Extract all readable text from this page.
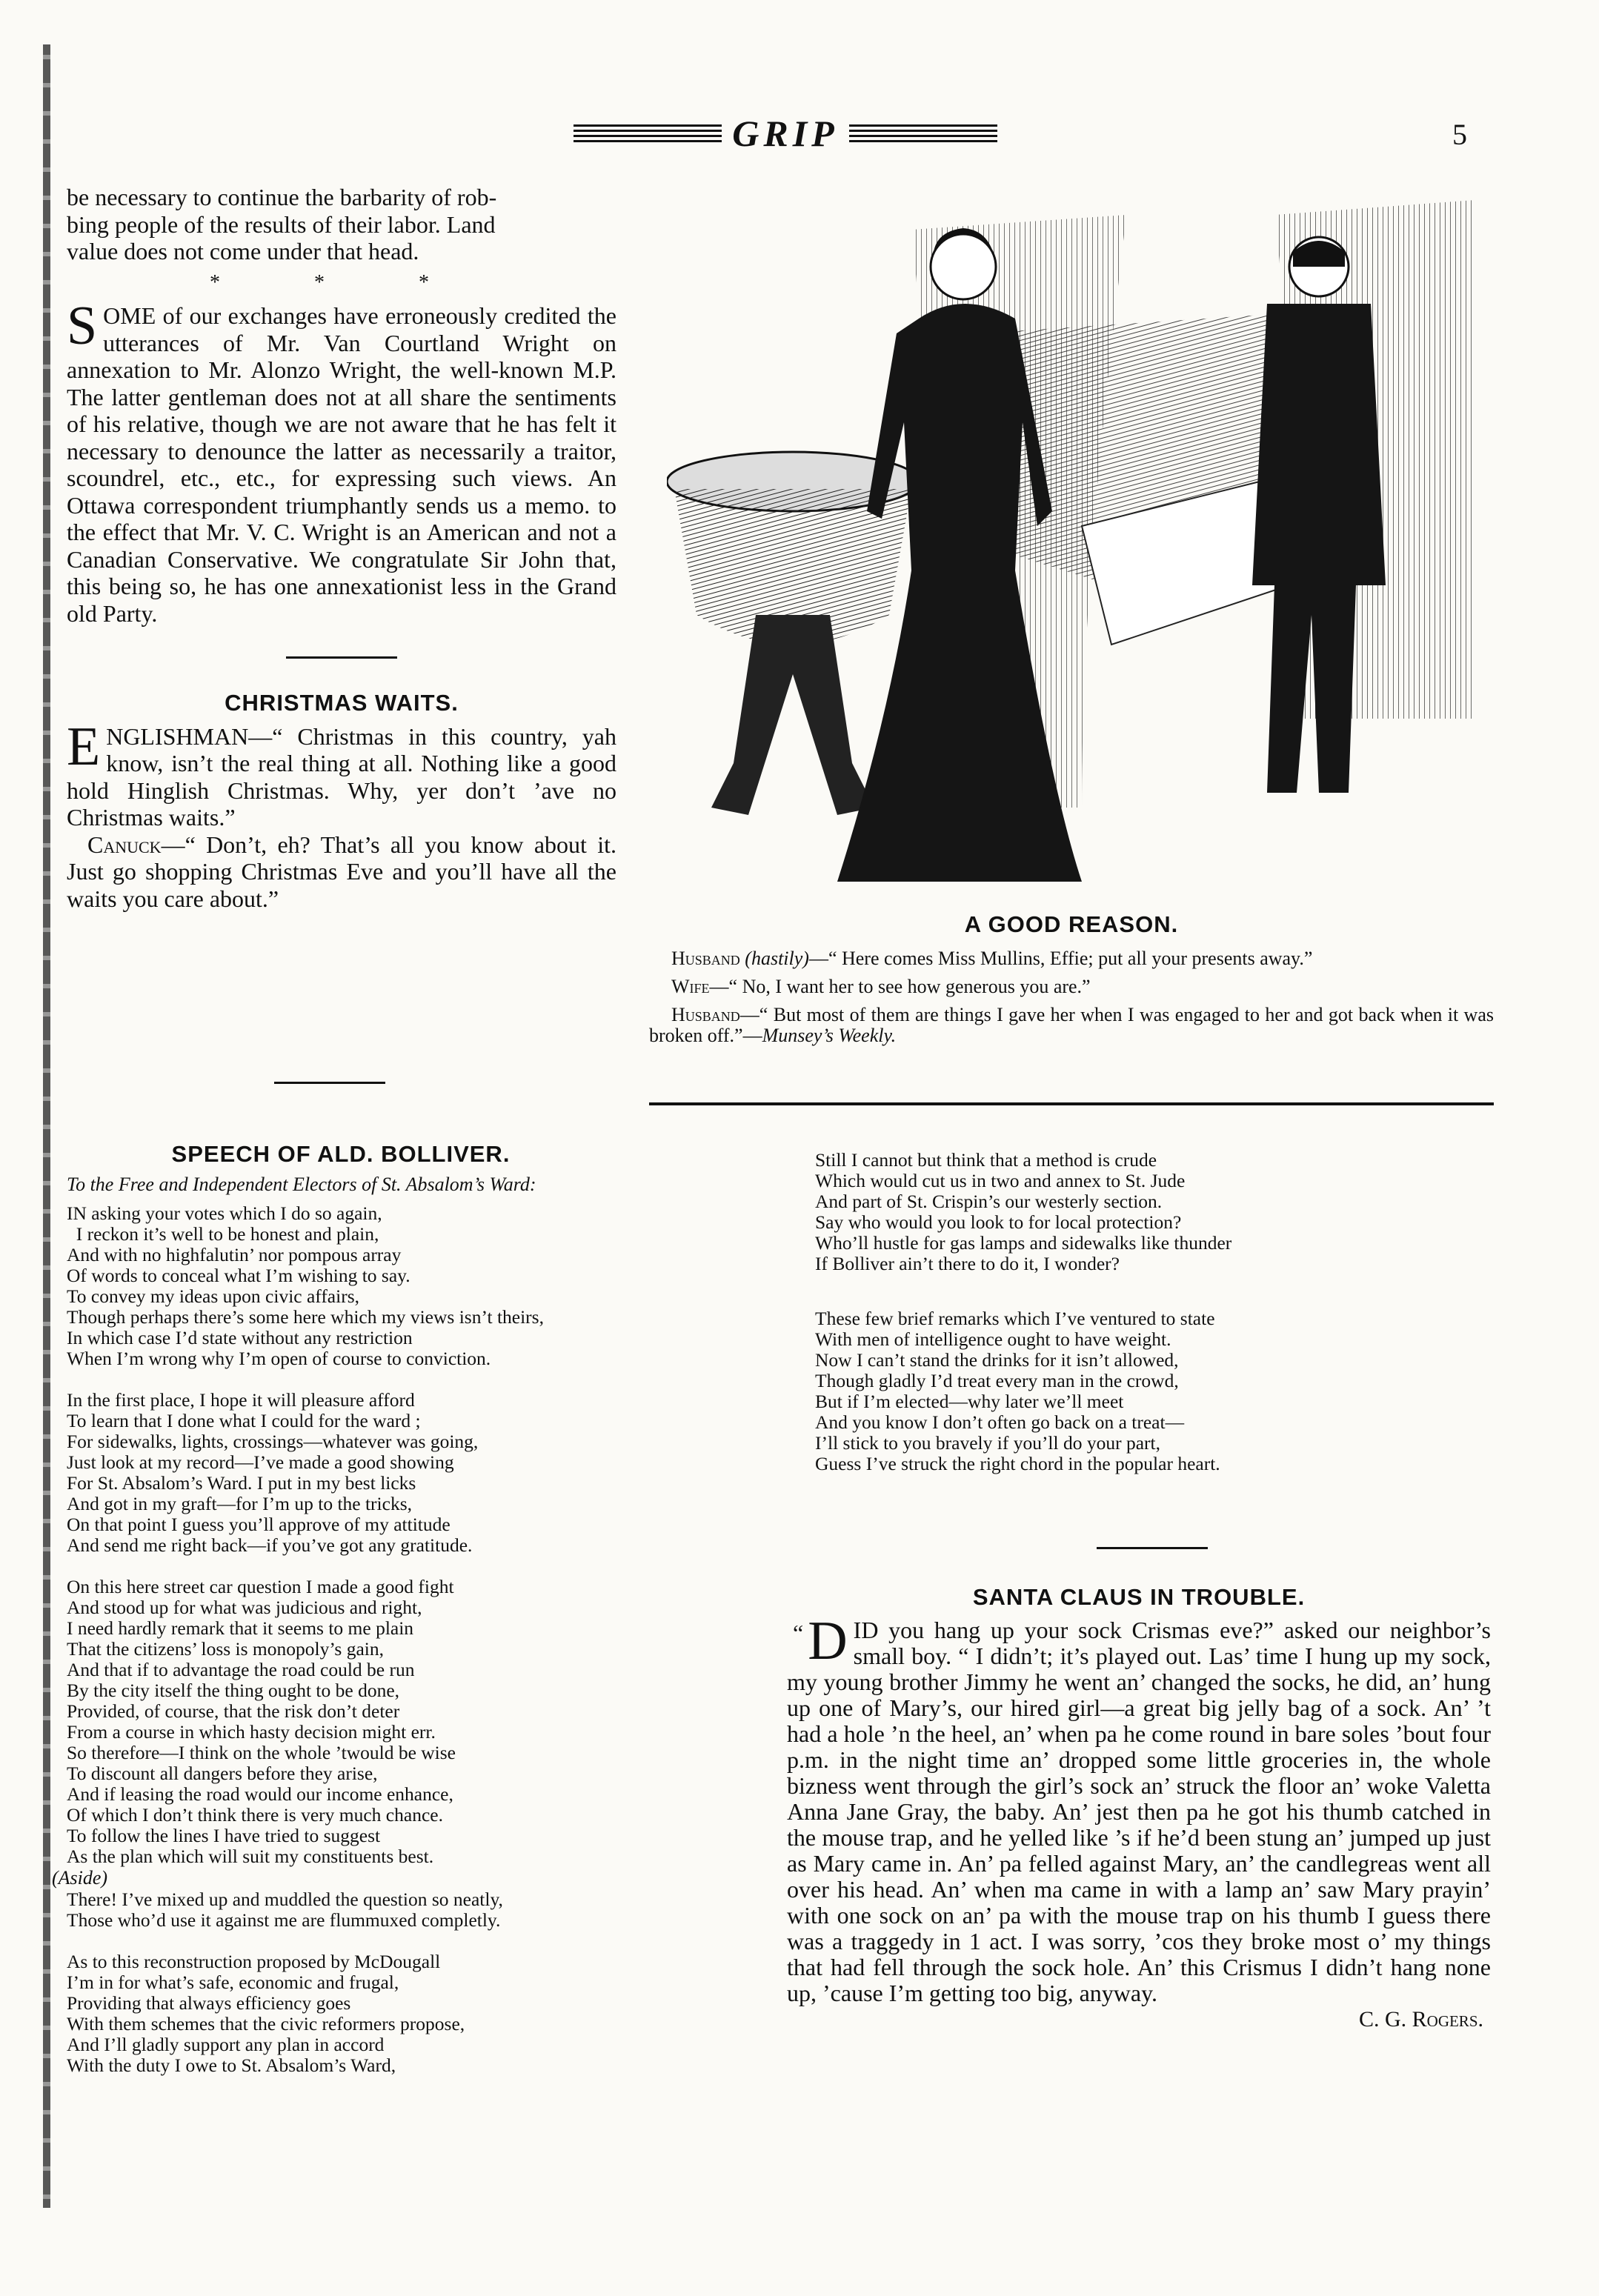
GRIP	5
be necessary to continue the barbarity of rob-
bing people of the results of their labor. Land
value does not come under that head.
* * *

SOME of our exchanges have erroneously credited the utterances of Mr. Van Courtland Wright on annexation to Mr. Alonzo Wright, the well-known M.P. The latter gentleman does not at all share the sentiments of his relative, though we are not aware that he has felt it necessary to denounce the latter as necessarily a traitor, scoundrel, etc., etc., for expressing such views. An Ottawa correspondent triumphantly sends us a memo. to the effect that Mr. V. C. Wright is an American and not a Canadian Conservative. We congratulate Sir John that, this being so, he has one annexationist less in the Grand old Party.

CHRISTMAS WAITS.

ENGLISHMAN—“ Christmas in this country, yah know, isn’t the real thing at all. Nothing like a good hold Hinglish Christmas. Why, yer don’t ’ave no Christmas waits.”

Canuck—“ Don’t, eh? That’s all you know about it. Just go shopping Christmas Eve and you’ll have all the waits you care about.”

A GOOD REASON.

Husband (hastily)—“ Here comes Miss Mullins, Effie; put all your presents away.”

Wife—“ No, I want her to see how generous you are.”

Husband—“ But most of them are things I gave her when I was engaged to her and got back when it was broken off.”—Munsey’s Weekly.

SPEECH OF ALD. BOLLIVER.
To the Free and Independent Electors of St. Absalom’s Ward:
IN asking your votes which I do so again,
I reckon it’s well to be honest and plain,
And with no highfalutin’ nor pompous array
Of words to conceal what I’m wishing to say.
To convey my ideas upon civic affairs,
Though perhaps there’s some here which my views isn’t theirs,
In which case I’d state without any restriction
When I’m wrong why I’m open of course to conviction.
In the first place, I hope it will pleasure afford
To learn that I done what I could for the ward ;
For sidewalks, lights, crossings—whatever was going,
Just look at my record—I’ve made a good showing
For St. Absalom’s Ward. I put in my best licks
And got in my graft—for I’m up to the tricks,
On that point I guess you’ll approve of my attitude
And send me right back—if you’ve got any gratitude.
On this here street car question I made a good fight
And stood up for what was judicious and right,
I need hardly remark that it seems to me plain
That the citizens’ loss is monopoly’s gain,
And that if to advantage the road could be run
By the city itself the thing ought to be done,
Provided, of course, that the risk don’t deter
From a course in which hasty decision might err.
So therefore—I think on the whole ’twould be wise
To discount all dangers before they arise,
And if leasing the road would our income enhance,
Of which I don’t think there is very much chance.
To follow the lines I have tried to suggest
As the plan which will suit my constituents best.
(Aside)
There! I’ve mixed up and muddled the question so neatly,
Those who’d use it against me are flummuxed completly.
As to this reconstruction proposed by McDougall
I’m in for what’s safe, economic and frugal,
Providing that always efficiency goes
With them schemes that the civic reformers propose,
And I’ll gladly support any plan in accord
With the duty I owe to St. Absalom’s Ward,
Still I cannot but think that a method is crude
Which would cut us in two and annex to St. Jude
And part of St. Crispin’s our westerly section.
Say who would you look to for local protection?
Who’ll hustle for gas lamps and sidewalks like thunder
If Bolliver ain’t there to do it, I wonder?
These few brief remarks which I’ve ventured to state
With men of intelligence ought to have weight.
Now I can’t stand the drinks for it isn’t allowed,
Though gladly I’d treat every man in the crowd,
But if I’m elected—why later we’ll meet
And you know I don’t often go back on a treat—
I’ll stick to you bravely if you’ll do your part,
Guess I’ve struck the right chord in the popular heart.
SANTA CLAUS IN TROUBLE.

“ D ID you hang up your sock Crismas eve?” asked our neighbor’s small boy. “ I didn’t; it’s played out. Las’ time I hung up my sock, my young brother Jimmy he went an’ changed the socks, he did, an’ hung up one of Mary’s, our hired girl—a great big jelly bag of a sock. An’ ’t had a hole ’n the heel, an’ when pa he come round in bare soles ’bout four p.m. in the night time an’ dropped some little groceries in, the whole bizness went through the girl’s sock an’ struck the floor an’ woke Valetta Anna Jane Gray, the baby. An’ jest then pa he got his thumb catched in the mouse trap, and he yelled like ’s if he’d been stung an’ jumped up just as Mary came in. An’ pa felled against Mary, an’ the candlegreas went all over his head. An’ when ma came in with a lamp an’ saw Mary prayin’ with one sock on an’ pa with the mouse trap on his thumb I guess there was a traggedy in 1 act. I was sorry, ’cos they broke most o’ my things that had fell through the sock hole. An’ this Crismus I didn’t hang none up, ’cause I’m getting too big, anyway.

C. G. Rogers.
